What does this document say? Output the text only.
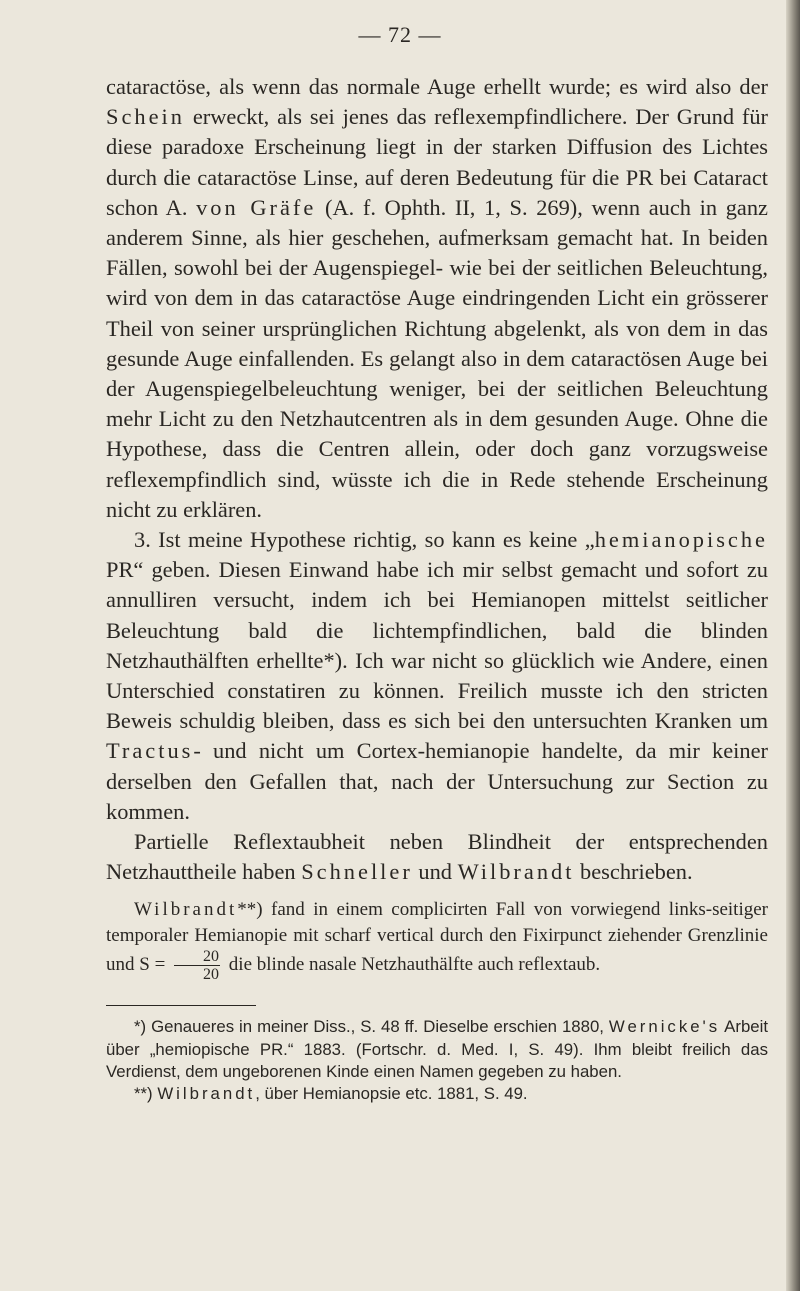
— 72 —

cataractöse, als wenn das normale Auge erhellt wurde; es wird also der Schein erweckt, als sei jenes das reflexempfindlichere. Der Grund für diese paradoxe Erscheinung liegt in der starken Diffusion des Lichtes durch die cataractöse Linse, auf deren Bedeutung für die PR bei Cataract schon A. von Gräfe (A. f. Ophth. II, 1, S. 269), wenn auch in ganz anderem Sinne, als hier geschehen, aufmerksam gemacht hat. In beiden Fällen, sowohl bei der Augenspiegel- wie bei der seitlichen Beleuchtung, wird von dem in das cataractöse Auge eindringenden Licht ein grösserer Theil von seiner ursprünglichen Richtung abgelenkt, als von dem in das gesunde Auge einfallenden. Es gelangt also in dem cataractösen Auge bei der Augenspiegelbeleuchtung weniger, bei der seitlichen Beleuchtung mehr Licht zu den Netzhautcentren als in dem gesunden Auge. Ohne die Hypothese, dass die Centren allein, oder doch ganz vorzugsweise reflexempfindlich sind, wüsste ich die in Rede stehende Erscheinung nicht zu erklären.

3. Ist meine Hypothese richtig, so kann es keine „hemianopische PR“ geben. Diesen Einwand habe ich mir selbst gemacht und sofort zu annulliren versucht, indem ich bei Hemianopen mittelst seitlicher Beleuchtung bald die lichtempfindlichen, bald die blinden Netzhauthälften erhellte*). Ich war nicht so glücklich wie Andere, einen Unterschied constatiren zu können. Freilich musste ich den stricten Beweis schuldig bleiben, dass es sich bei den untersuchten Kranken um Tractus- und nicht um Cortex-hemianopie handelte, da mir keiner derselben den Gefallen that, nach der Untersuchung zur Section zu kommen.

Partielle Reflextaubheit neben Blindheit der entsprechenden Netzhauttheile haben Schneller und Wilbrandt beschrieben.

Wilbrandt**) fand in einem complicirten Fall von vorwiegend links-seitiger temporaler Hemianopie mit scharf vertical durch den Fixirpunct ziehender Grenzlinie und $S = \frac{20}{20}$ die blinde nasale Netzhauthälfte auch reflextaub.

*) Genaueres in meiner Diss., S. 48 ff. Dieselbe erschien 1880, Wernicke's Arbeit über „hemiopische PR.“ 1883. (Fortschr. d. Med. I, S. 49). Ihm bleibt freilich das Verdienst, dem ungeborenen Kinde einen Namen gegeben zu haben.

**) Wilbrandt, über Hemianopsie etc. 1881, S. 49.
